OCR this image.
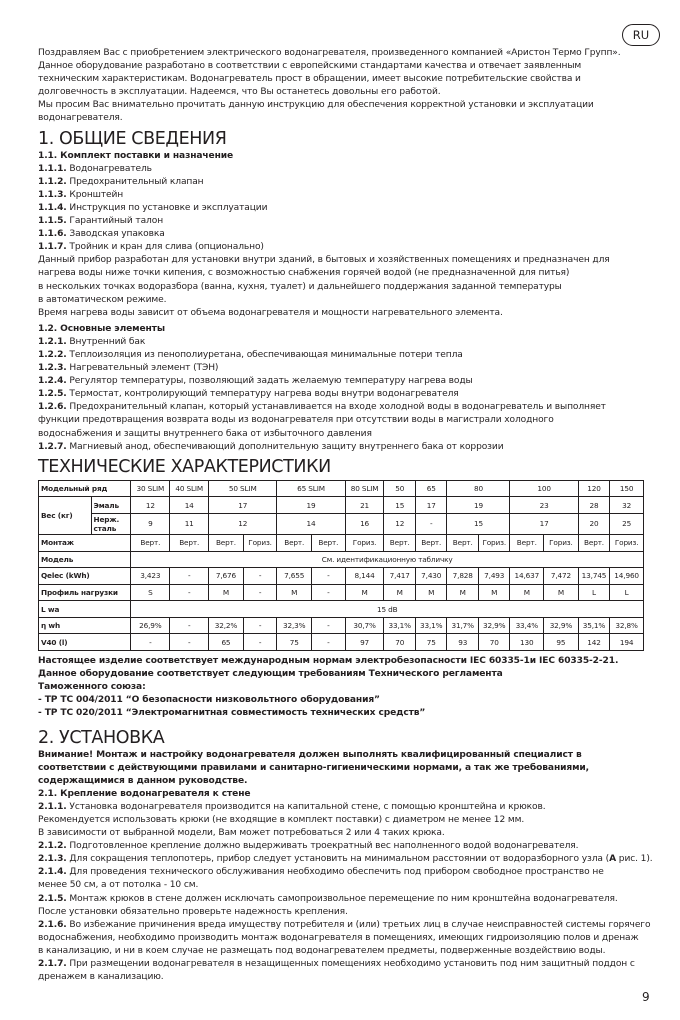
RU
Поздравляем Вас с приобретением электрического водонагревателя, произведенного компанией «Аристон Термо Групп».
Данное оборудование разработано в соответствии с европейскими стандартами качества и отвечает заявленным
техническим характеристикам. Водонагреватель прост в обращении, имеет высокие потребительские свойства и
долговечность в эксплуатации. Надеемся, что Вы останетесь довольны его работой.
Мы просим Вас внимательно прочитать данную инструкцию для обеспечения корректной установки и эксплуатации
водонагревателя.
1. ОБЩИЕ СВЕДЕНИЯ
1.1. Комплект поставки и назначение
1.1.1. Водонагреватель
1.1.2. Предохранительный клапан
1.1.3. Кронштейн
1.1.4. Инструкция по установке и эксплуатации
1.1.5. Гарантийный талон
1.1.6. Заводская упаковка
1.1.7. Тройник и кран для слива (опционально)
Данный прибор разработан для установки внутри зданий, в бытовых и хозяйственных помещениях и предназначен для
нагрева воды ниже точки кипения, с возможностью снабжения горячей водой (не предназначенной для питья)
в нескольких точках водоразбора (ванна, кухня, туалет) и дальнейшего поддержания заданной температуры
в автоматическом режиме.
Время нагрева воды зависит от объема водонагревателя и мощности нагревательного элемента.
1.2. Основные элементы
1.2.1. Внутренний бак
1.2.2. Теплоизоляция из пенополиуретана, обеспечивающая минимальные потери тепла
1.2.3. Нагревательный элемент (ТЭН)
1.2.4. Регулятор температуры, позволяющий задать желаемую температуру нагрева воды
1.2.5. Термостат, контролирующий температуру нагрева воды внутри водонагревателя
1.2.6. Предохранительный клапан, который устанавливается на входе холодной воды в водонагреватель и выполняет
функции предотвращения возврата воды из водонагревателя при отсутствии воды в магистрали холодного
водоснабжения и защиты внутреннего бака от избыточного давления
1.2.7. Магниевый анод, обеспечивающий дополнительную защиту внутреннего бака от коррозии
ТЕХНИЧЕСКИЕ ХАРАКТЕРИСТИКИ
Модельный ряд		30 SLIM	40 SLIM	50 SLIM		65 SLIM		80 SLIM	50	65	80		100		120	150
Вес (кг)	Эмаль	12	14	17		19		21	15	17	19		23		28	32

	Нерж.
сталь	9	11	12		14		16	12	-	15		17		20	25
Монтаж		Верт.	Верт.	Верт.	Гориз.	Верт.	Верт.	Гориз.	Верт.	Верт.	Верт.	Гориз.	Верт.	Гориз.	Верт.	Гориз.
Модель		См. идентификационную табличку														
Qelec (kWh)		3,423	-	7,676	-	7,655	-	8,144	7,417	7,430	7,828	7,493	14,637	7,472	13,745	14,960
Профиль нагрузки		S	-	M	-	M	-	M	M	M	M	M	M	M	L	L
L wa		15 dB														
η wh		26,9%	-	32,2%	-	32,3%	-	30,7%	33,1%	33,1%	31,7%	32,9%	33,4%	32,9%	35,1%	32,8%
V40 (l)		-	-	65	-	75	-	97	70	75	93	70	130	95	142	194
Настоящее изделие соответствует международным нормам электробезопасности IEC 60335-1и IEC 60335-2-21.
Данное оборудование соответствует следующим требованиям Технического регламента
Таможенного союза:
- ТР ТС 004/2011 “О безопасности низковольтного оборудования”
- ТР ТС 020/2011 “Электромагнитная совместимость технических средств”
2. УСТАНОВКА
Внимание! Монтаж и настройку водонагревателя должен выполнять квалифицированный специалист в
соответствии с действующими правилами и санитарно-гигиеническими нормами, а так же требованиями,
содержащимися в данном руководстве.
2.1. Крепление водонагревателя к стене
2.1.1. Установка водонагревателя производится на капитальной стене, с помощью кронштейна и крюков.
Рекомендуется использовать крюки (не входящие в комплект поставки) с диаметром не менее 12 мм.
В зависимости от выбранной модели, Вам может потребоваться 2 или 4 таких крюка.
2.1.2. Подготовленное крепление должно выдерживать троекратный вес наполненного водой водонагревателя.
2.1.3. Для сокращения теплопотерь, прибор следует установить на минимальном расстоянии от водоразборного узла (A рис. 1).
2.1.4. Для проведения технического обслуживания необходимо обеспечить под прибором свободное пространство не
менее 50 см, а от потолка - 10 см.
2.1.5. Монтаж крюков в стене должен исключать самопроизвольное перемещение по ним кронштейна водонагревателя.
После установки обязательно проверьте надежность крепления.
2.1.6. Во избежание причинения вреда имуществу потребителя и (или) третьих лиц в случае неисправностей системы горячего
водоснабжения, необходимо производить монтаж водонагревателя в помещениях, имеющих гидроизоляцию полов и дренаж
в канализацию, и ни в коем случае не размещать под водонагревателем предметы, подверженные воздействию воды.
2.1.7. При размещении водонагревателя в незащищенных помещениях необходимо установить под ним защитный поддон с
дренажем в канализацию.
9
